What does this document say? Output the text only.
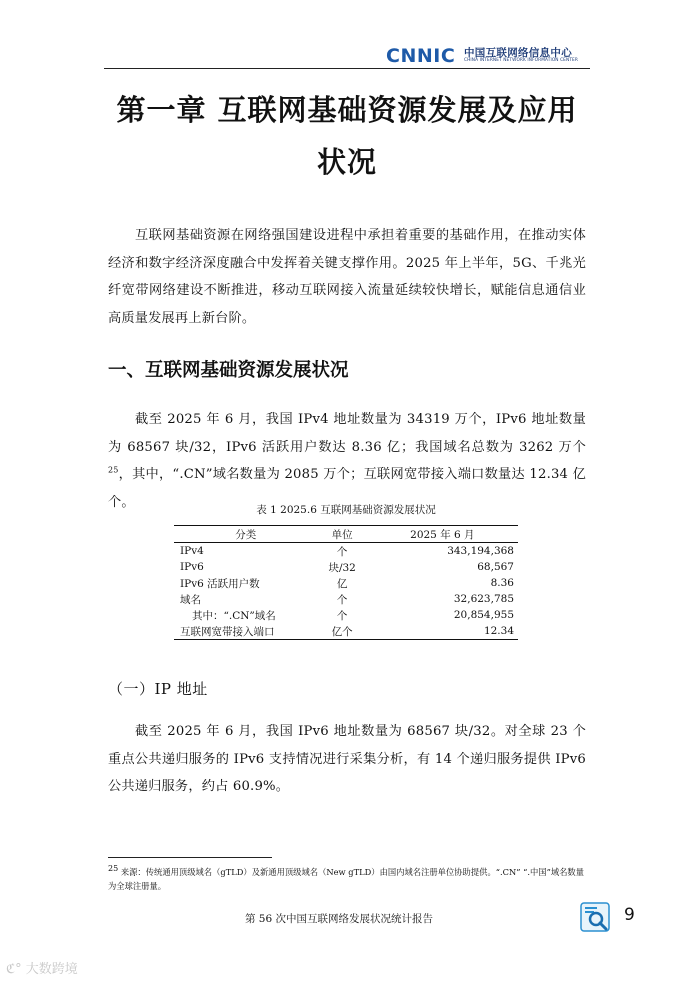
CNNIC 中国互联网络信息中心
CHINA INTERNET NETWORK INFORMATION CENTER
第一章 互联网基础资源发展及应用
状况

互联网基础资源在网络强国建设进程中承担着重要的基础作用，在推动实体经济和数字经济深度融合中发挥着关键支撑作用。2025 年上半年，5G、千兆光纤宽带网络建设不断推进，移动互联网接入流量延续较快增长，赋能信息通信业高质量发展再上新台阶。

一、互联网基础资源发展状况

截至 2025 年 6 月，我国 IPv4 地址数量为 34319 万个，IPv6 地址数量为 68567 块/32，IPv6 活跃用户数达 8.36 亿；我国域名总数为 3262 万个$^{25}$，其中，“.CN”域名数量为 2085 万个；互联网宽带接入端口数量达 12.34 亿个。

表 1 2025.6 互联网基础资源发展状况
分类	单位	2025 年 6 月
IPv4	个	343,194,368
IPv6	块/32	68,567
IPv6 活跃用户数	亿	8.36
域名	个	32,623,785
其中：“.CN”域名	个	20,854,955
互联网宽带接入端口	亿个	12.34
（一）IP 地址

截至 2025 年 6 月，我国 IPv6 地址数量为 68567 块/32。对全球 23 个重点公共递归服务的 IPv6 支持情况进行采集分析，有 14 个递归服务提供 IPv6 公共递归服务，约占 60.9%。

$^{25}$ 来源：传统通用顶级域名（gTLD）及新通用顶级域名（New gTLD）由国内域名注册单位协助提供。“.CN” “.中国”域名数量为全球注册量。
第 56 次中国互联网络发展状况统计报告	9
ℭ° 大数跨境
